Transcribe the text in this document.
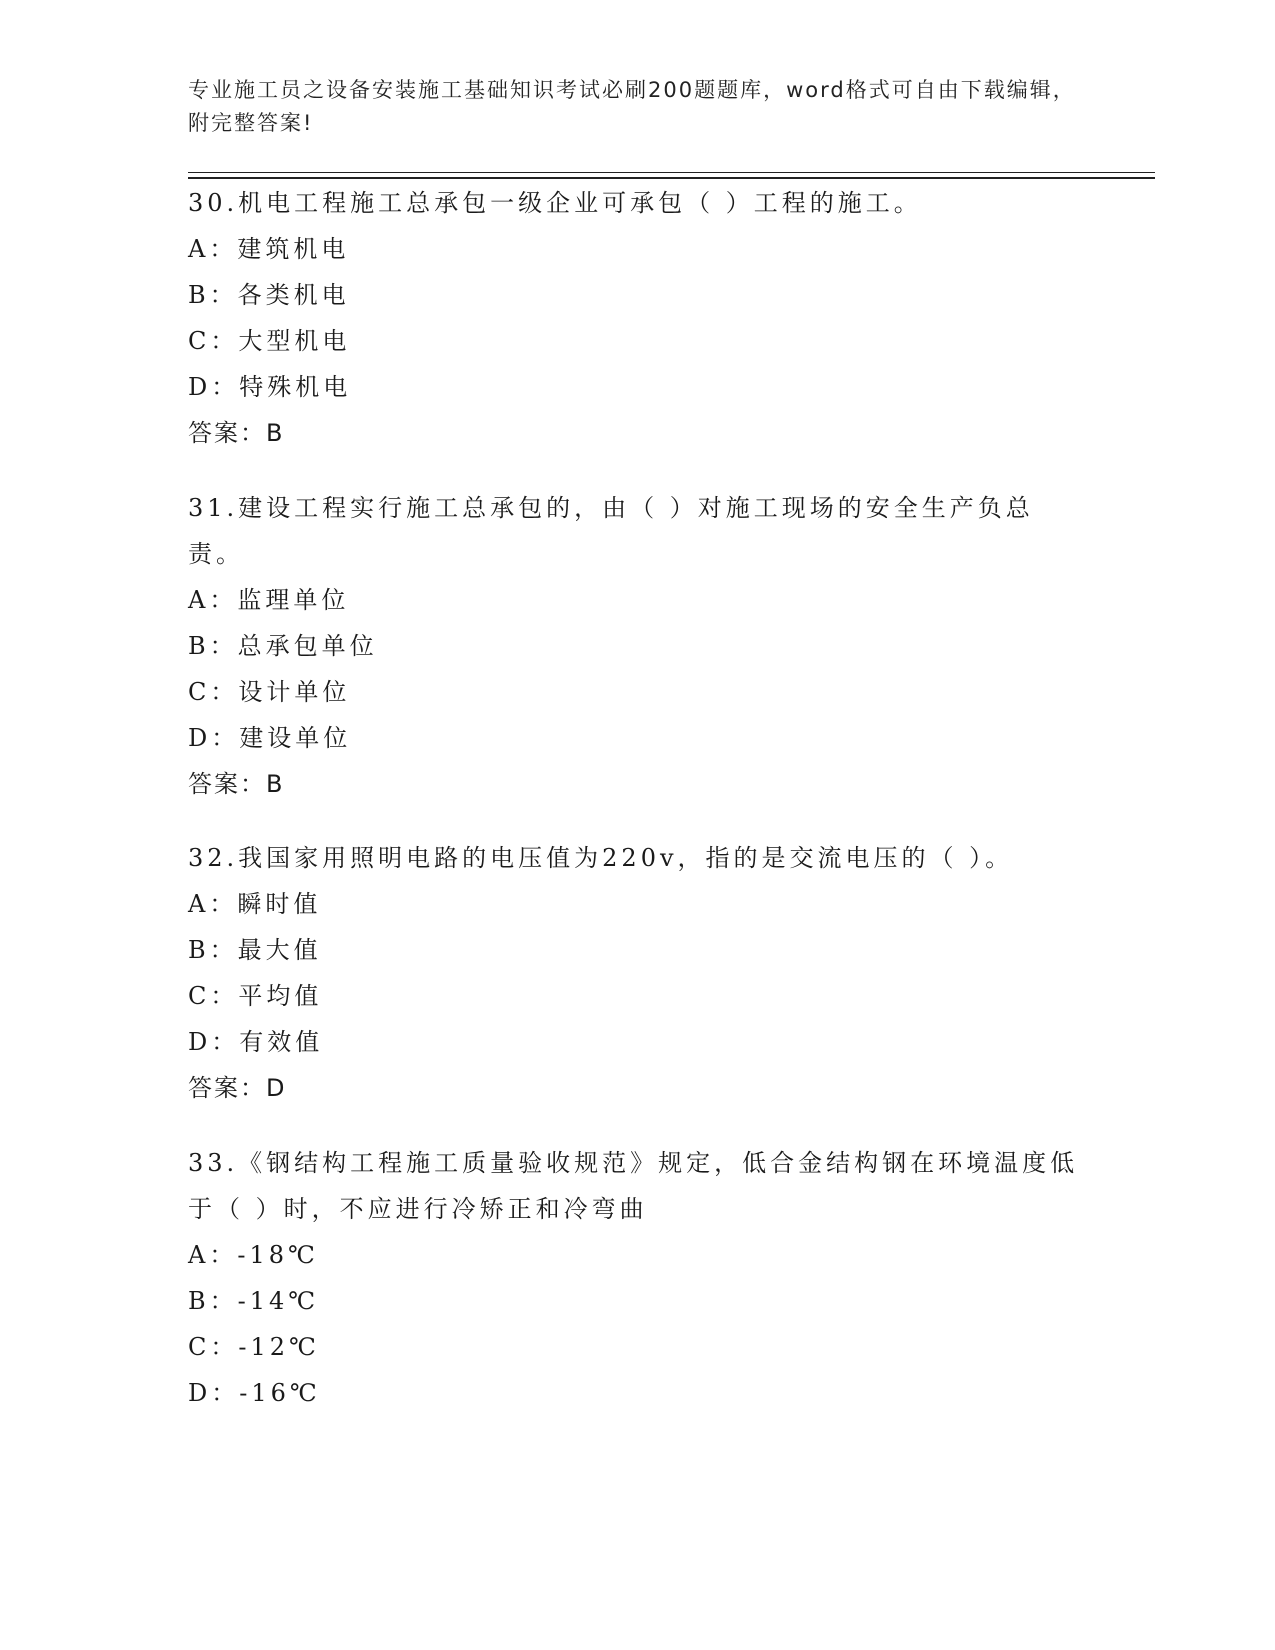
专业施工员之设备安装施工基础知识考试必刷200题题库，word格式可自由下载编辑，附完整答案!

30.机电工程施工总承包一级企业可承包（ ）工程的施工。

A：建筑机电

B：各类机电

C：大型机电

D：特殊机电

答案：B

31.建设工程实行施工总承包的，由（ ）对施工现场的安全生产负总责。

A：监理单位

B：总承包单位

C：设计单位

D：建设单位

答案：B

32.我国家用照明电路的电压值为220v，指的是交流电压的（ ）。

A：瞬时值

B：最大值

C：平均值

D：有效值

答案：D

33.《钢结构工程施工质量验收规范》规定，低合金结构钢在环境温度低于（ ）时，不应进行冷矫正和冷弯曲

A：-18℃

B：-14℃

C：-12℃

D：-16℃
